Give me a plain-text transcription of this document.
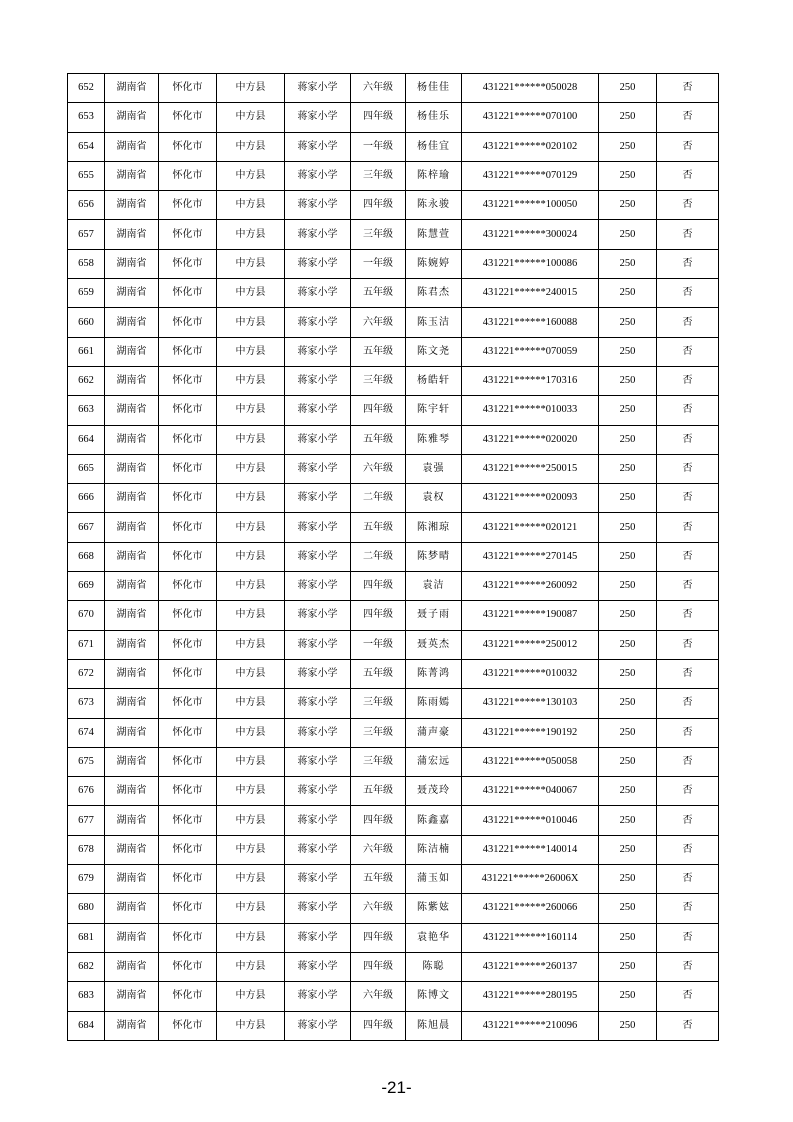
652	湖南省	怀化市	中方县	蒋家小学	六年级	杨佳佳	431221******050028	250	否
653	湖南省	怀化市	中方县	蒋家小学	四年级	杨佳乐	431221******070100	250	否
654	湖南省	怀化市	中方县	蒋家小学	一年级	杨佳宜	431221******020102	250	否
655	湖南省	怀化市	中方县	蒋家小学	三年级	陈梓瑜	431221******070129	250	否
656	湖南省	怀化市	中方县	蒋家小学	四年级	陈永骏	431221******100050	250	否
657	湖南省	怀化市	中方县	蒋家小学	三年级	陈慧萱	431221******300024	250	否
658	湖南省	怀化市	中方县	蒋家小学	一年级	陈婉婷	431221******100086	250	否
659	湖南省	怀化市	中方县	蒋家小学	五年级	陈君杰	431221******240015	250	否
660	湖南省	怀化市	中方县	蒋家小学	六年级	陈玉洁	431221******160088	250	否
661	湖南省	怀化市	中方县	蒋家小学	五年级	陈文尧	431221******070059	250	否
662	湖南省	怀化市	中方县	蒋家小学	三年级	杨皓轩	431221******170316	250	否
663	湖南省	怀化市	中方县	蒋家小学	四年级	陈宇轩	431221******010033	250	否
664	湖南省	怀化市	中方县	蒋家小学	五年级	陈雅琴	431221******020020	250	否
665	湖南省	怀化市	中方县	蒋家小学	六年级	袁强	431221******250015	250	否
666	湖南省	怀化市	中方县	蒋家小学	二年级	袁权	431221******020093	250	否
667	湖南省	怀化市	中方县	蒋家小学	五年级	陈湘琼	431221******020121	250	否
668	湖南省	怀化市	中方县	蒋家小学	二年级	陈梦晴	431221******270145	250	否
669	湖南省	怀化市	中方县	蒋家小学	四年级	袁洁	431221******260092	250	否
670	湖南省	怀化市	中方县	蒋家小学	四年级	聂子雨	431221******190087	250	否
671	湖南省	怀化市	中方县	蒋家小学	一年级	聂英杰	431221******250012	250	否
672	湖南省	怀化市	中方县	蒋家小学	五年级	陈菁鸿	431221******010032	250	否
673	湖南省	怀化市	中方县	蒋家小学	三年级	陈雨嫣	431221******130103	250	否
674	湖南省	怀化市	中方县	蒋家小学	三年级	蒲声豪	431221******190192	250	否
675	湖南省	怀化市	中方县	蒋家小学	三年级	蒲宏远	431221******050058	250	否
676	湖南省	怀化市	中方县	蒋家小学	五年级	聂茂玲	431221******040067	250	否
677	湖南省	怀化市	中方县	蒋家小学	四年级	陈鑫嘉	431221******010046	250	否
678	湖南省	怀化市	中方县	蒋家小学	六年级	陈洁楠	431221******140014	250	否
679	湖南省	怀化市	中方县	蒋家小学	五年级	蒲玉如	431221******26006X	250	否
680	湖南省	怀化市	中方县	蒋家小学	六年级	陈紫妶	431221******260066	250	否
681	湖南省	怀化市	中方县	蒋家小学	四年级	袁艳华	431221******160114	250	否
682	湖南省	怀化市	中方县	蒋家小学	四年级	陈聪	431221******260137	250	否
683	湖南省	怀化市	中方县	蒋家小学	六年级	陈博文	431221******280195	250	否
684	湖南省	怀化市	中方县	蒋家小学	四年级	陈旭晨	431221******210096	250	否
-21-
